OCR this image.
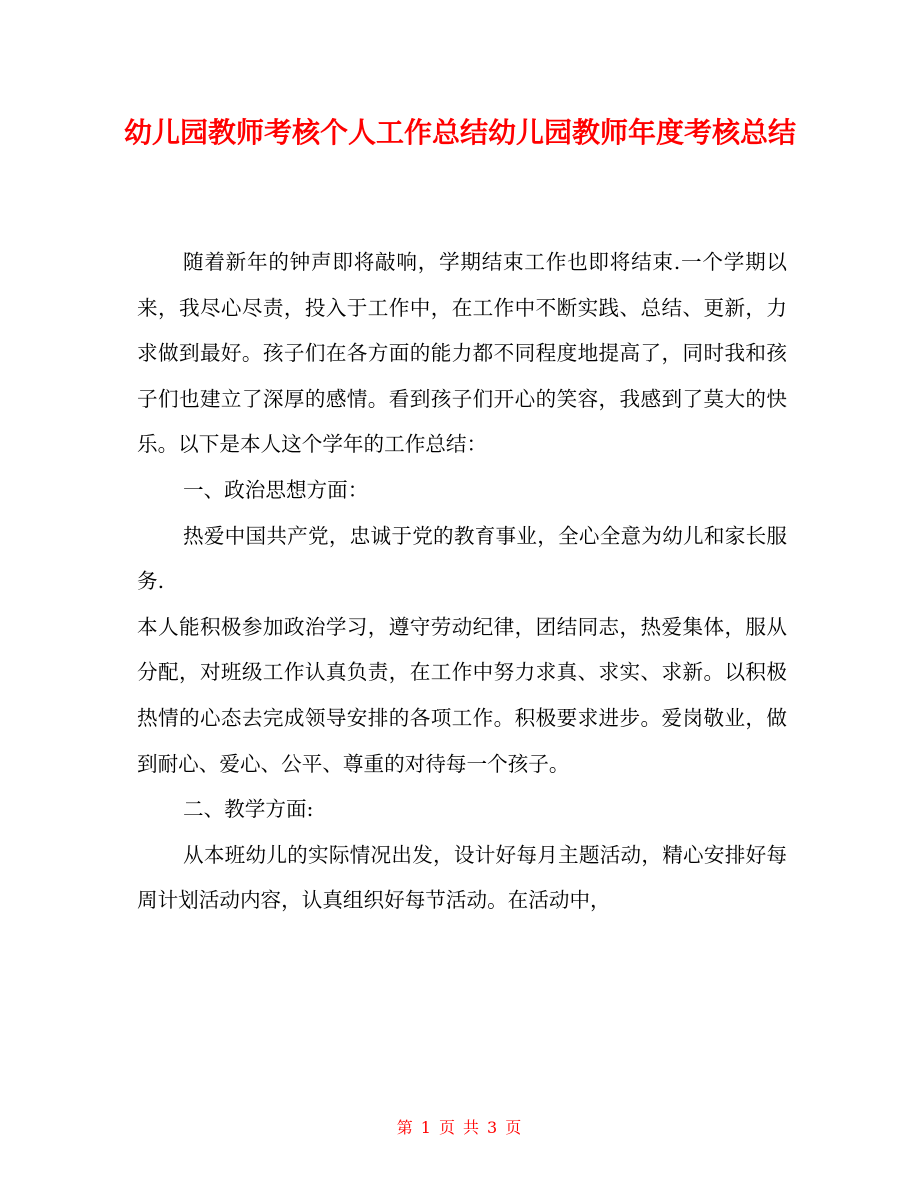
幼儿园教师考核个人工作总结幼儿园教师年度考核总结

随着新年的钟声即将敲响，学期结束工作也即将结束.一个学期以来，我尽心尽责，投入于工作中，在工作中不断实践、总结、更新，力求做到最好。孩子们在各方面的能力都不同程度地提高了，同时我和孩子们也建立了深厚的感情。看到孩子们开心的笑容，我感到了莫大的快乐。以下是本人这个学年的工作总结：

一、政治思想方面：

热爱中国共产党，忠诚于党的教育事业，全心全意为幼儿和家长服务.

本人能积极参加政治学习，遵守劳动纪律，团结同志，热爱集体，服从分配，对班级工作认真负责，在工作中努力求真、求实、求新。以积极热情的心态去完成领导安排的各项工作。积极要求进步。爱岗敬业，做到耐心、爱心、公平、尊重的对待每一个孩子。

二、教学方面:

从本班幼儿的实际情况出发，设计好每月主题活动，精心安排好每周计划活动内容，认真组织好每节活动。在活动中，

第 1 页 共 3 页
